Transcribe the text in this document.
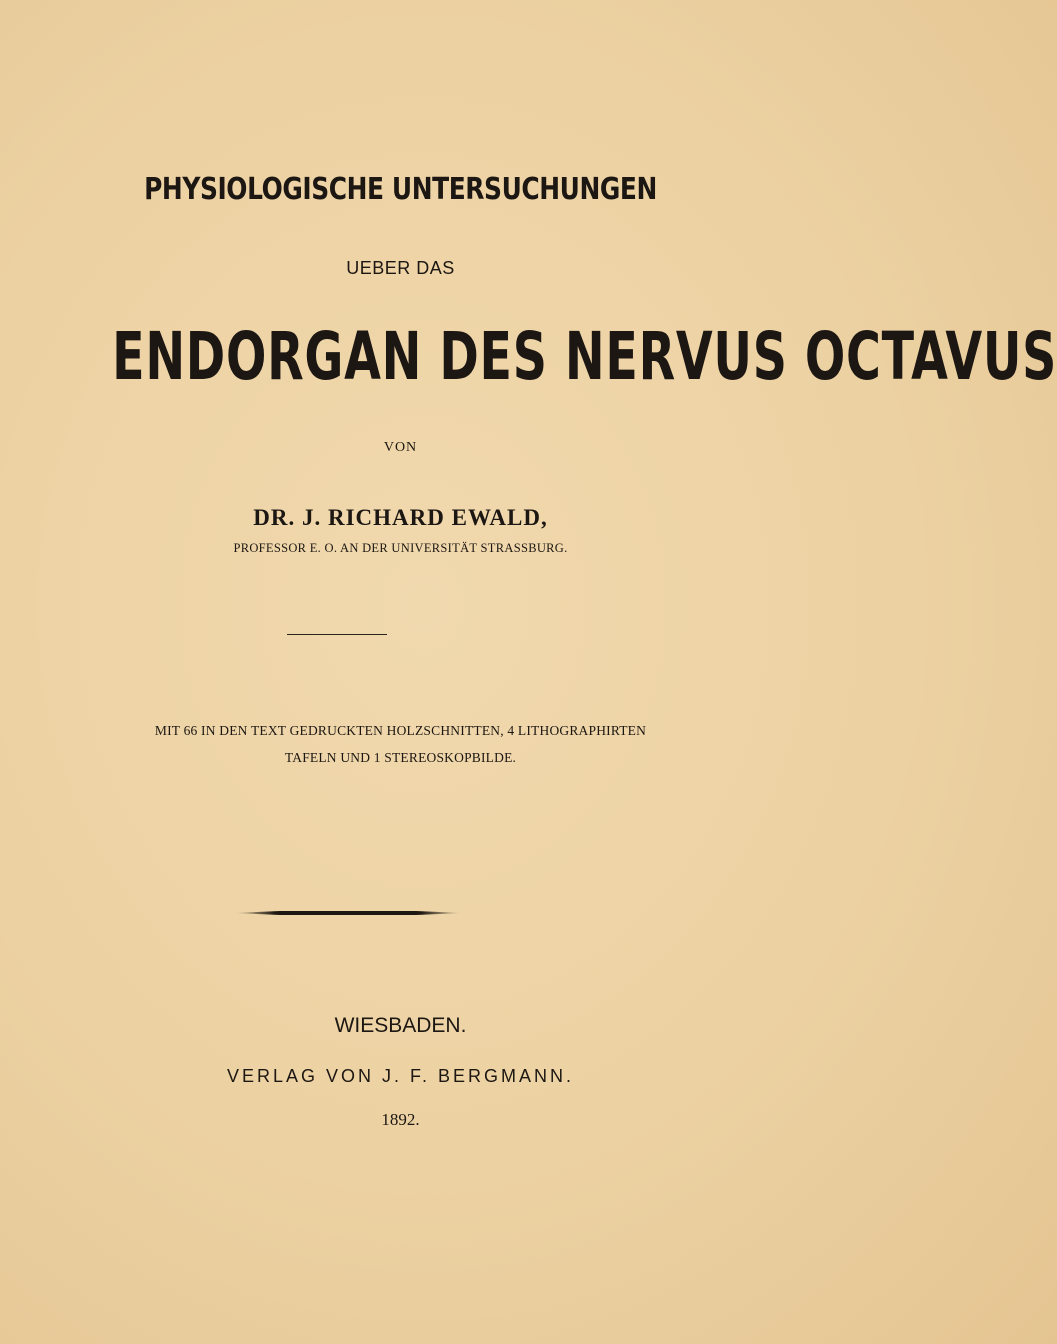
PHYSIOLOGISCHE UNTERSUCHUNGEN
UEBER DAS
ENDORGAN DES NERVUS OCTAVUS
VON
DR. J. RICHARD EWALD,
PROFESSOR E. O. AN DER UNIVERSITÄT STRASSBURG.
MIT 66 IN DEN TEXT GEDRUCKTEN HOLZSCHNITTEN, 4 LITHOGRAPHIRTEN
TAFELN UND 1 STEREOSKOPBILDE.
WIESBADEN.
VERLAG VON J. F. BERGMANN.
1892.
